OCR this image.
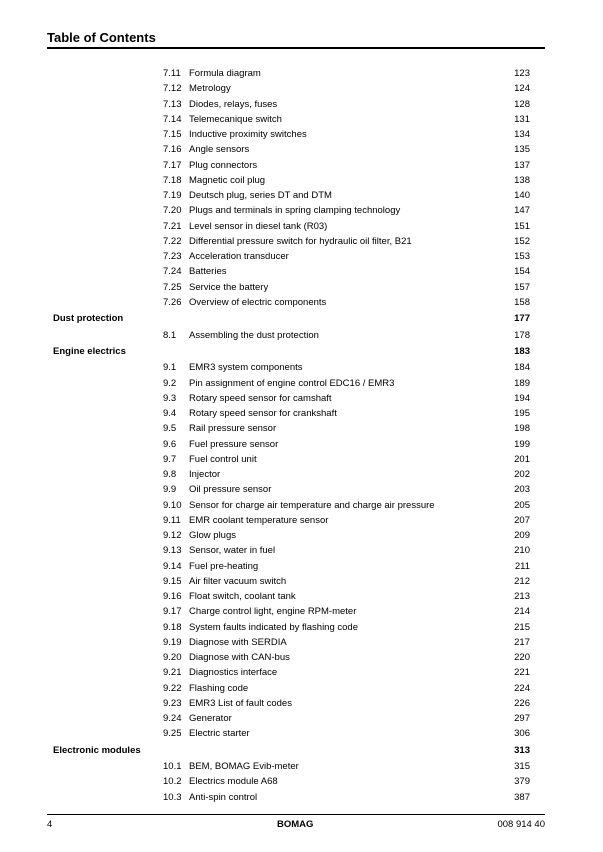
Table of Contents
7.11 Formula diagram	123
7.12 Metrology	124
7.13 Diodes, relays, fuses	128
7.14 Telemecanique switch	131
7.15 Inductive proximity switches	134
7.16 Angle sensors	135
7.17 Plug connectors	137
7.18 Magnetic coil plug	138
7.19 Deutsch plug, series DT and DTM	140
7.20 Plugs and terminals in spring clamping technology	147
7.21 Level sensor in diesel tank (R03)	151
7.22 Differential pressure switch for hydraulic oil filter, B21	152
7.23 Acceleration transducer	153
7.24 Batteries	154
7.25 Service the battery	157
7.26 Overview of electric components	158
Dust protection	177
8.1	Assembling the dust protection	178
Engine electrics	183
9.1	EMR3 system components	184
9.2	Pin assignment of engine control EDC16 / EMR3	189
9.3	Rotary speed sensor for camshaft	194
9.4	Rotary speed sensor for crankshaft	195
9.5	Rail pressure sensor	198
9.6	Fuel pressure sensor	199
9.7	Fuel control unit	201
9.8	Injector	202
9.9	Oil pressure sensor	203
9.10 Sensor for charge air temperature and charge air pressure	205
9.11 EMR coolant temperature sensor	207
9.12 Glow plugs	209
9.13 Sensor, water in fuel	210
9.14 Fuel pre-heating	211
9.15 Air filter vacuum switch	212
9.16 Float switch, coolant tank	213
9.17 Charge control light, engine RPM-meter	214
9.18 System faults indicated by flashing code	215
9.19 Diagnose with SERDIA	217
9.20 Diagnose with CAN-bus	220
9.21 Diagnostics interface	221
9.22 Flashing code	224
9.23 EMR3 List of fault codes	226
9.24 Generator	297
9.25 Electric starter	306
Electronic modules	313
10.1 BEM, BOMAG Evib-meter	315
10.2 Electrics module A68	379
10.3 Anti-spin control	387
4	BOMAG	008 914 40
